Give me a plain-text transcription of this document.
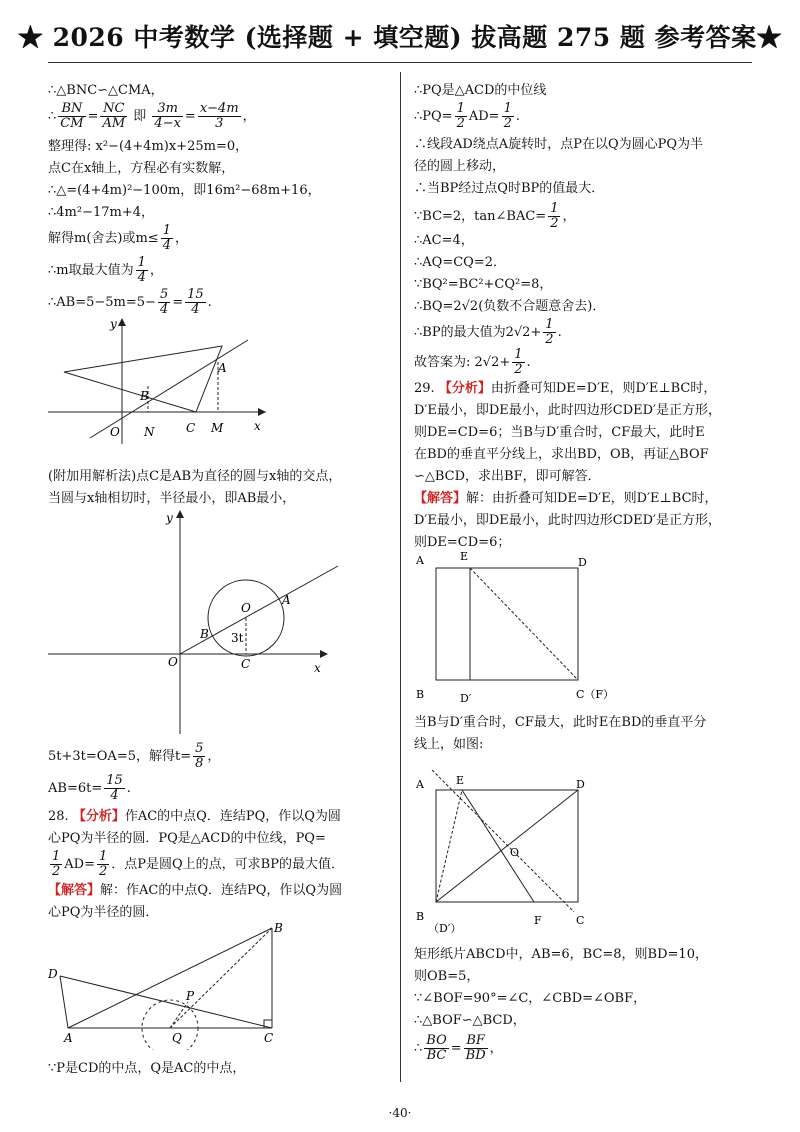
★ 2026 中考数学 (选择题 + 填空题) 拔高题 275 题 参考答案★
∴△BNC∽△CMA，
∴ $\frac{BN}{CM} = \frac{NC}{AM}$ 即 $\frac{3m}{4-x} = \frac{x-4m}{3}$ ，
整理得: x²−(4+4m)x+25m=0，
点C在x轴上，方程必有实数解，
∴△=(4+4m)²−100m，即16m²−68m+16，
∴4m²−17m+4，
解得m(舍去)或$m\le \frac{1}{4}$ ，
∴m取最大值为 $\frac{1}{4}$ ，
∴AB=5−5m=5− $\frac{5}{4} = \frac{15}{4}$ .
y
x
A
B
O N	C M
(附加用解析法)点C是AB为直径的圆与x轴的交点，
当圆与x轴相切时，半径最小，即AB最小，
y
x
O	C
A
B
O
3t
5t+3t=OA=5，解得$t= \frac{5}{8}$ ，
$AB=6t= \frac{15}{4}$ .
28. 【分析】作AC的中点Q．连结PQ，作以Q为圆
心PQ为半径的圆．PQ是△ACD的中位线，PQ=
$\frac{1}{2} AD= \frac{1}{2}$ ．点P是圆Q上的点，可求BP的最大值．
【解答】解：作AC的中点Q．连结PQ，作以Q为圆
心PQ为半径的圆．
B
D
P
A	Q	C
∵P是CD的中点，Q是AC的中点，
∴PQ是△ACD的中位线
∴PQ= $\frac{1}{2} AD= \frac{1}{2}$ .
∴线段AD绕点A旋转时，点P在以Q为圆心PQ为半
径的圆上移动，
∴当BP经过点Q时BP的值最大．
∵BC=2，tan∠BAC= $\frac{1}{2}$ ，
∴AC=4，
∴AQ=CQ=2．
∵BQ²=BC²+CQ²=8，
∴BQ=2√2(负数不合题意舍去)．
∴BP的最大值为$2√2+ \frac{1}{2}$ .
故答案为: $2√2+ \frac{1}{2}$ .
29. 【分析】由折叠可知DE=D′E，则D′E⊥BC时，
D′E最小，即DE最小，此时四边形CDED′是正方形，
则DE=CD=6；当B与D′重合时，CF最大，此时E
在BD的垂直平分线上，求出BD，OB，再证△BOF
∽△BCD，求出BF，即可解答．
【解答】解：由折叠可知DE=D′E，则D′E⊥BC时，
D′E最小，即DE最小，此时四边形CDED′是正方形，
则DE=CD=6；
A	E	D
B	D′	C（F）
当B与D′重合时，CF最大，此时E在BD的垂直平分
线上，如图:
A	E	D
O
B
（D′）
F	C
矩形纸片ABCD中，AB=6，BC=8，则BD=10，
则OB=5，
∵∠BOF=90°=∠C，∠CBD=∠OBF，
∴△BOF∽△BCD，
∴ $\frac{BO}{BC} = \frac{BF}{BD}$ ，
·40·
